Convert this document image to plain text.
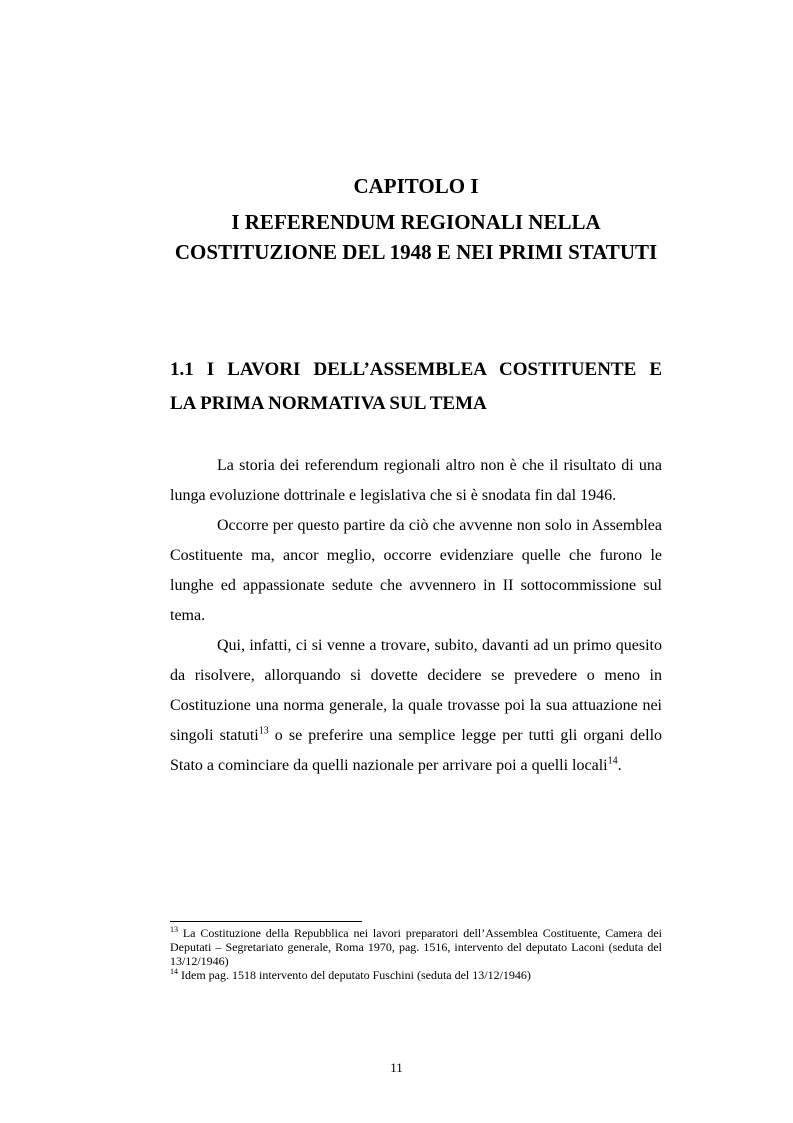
CAPITOLO I
I REFERENDUM REGIONALI NELLA COSTITUZIONE DEL 1948 E NEI PRIMI STATUTI
1.1 I LAVORI DELL’ASSEMBLEA COSTITUENTE E
LA PRIMA NORMATIVA SUL TEMA

La storia dei referendum regionali altro non è che il risultato di una lunga evoluzione dottrinale e legislativa che si è snodata fin dal 1946.

Occorre per questo partire da ciò che avvenne non solo in Assemblea Costituente ma, ancor meglio, occorre evidenziare quelle che furono le lunghe ed appassionate sedute che avvennero in II sottocommissione sul tema.

Qui, infatti, ci si venne a trovare, subito, davanti ad un primo quesito da risolvere, allorquando si dovette decidere se prevedere o meno in Costituzione una norma generale, la quale trovasse poi la sua attuazione nei singoli statuti$^{13}$ o se preferire una semplice legge per tutti gli organi dello Stato a cominciare da quelli nazionale per arrivare poi a quelli locali$^{14}$.

$^{13}$ La Costituzione della Repubblica nei lavori preparatori dell’Assemblea Costituente, Camera dei Deputati – Segretariato generale, Roma 1970, pag. 1516, intervento del deputato Laconi (seduta del 13/12/1946)

$^{14}$ Idem pag. 1518 intervento del deputato Fuschini (seduta del 13/12/1946)

11
